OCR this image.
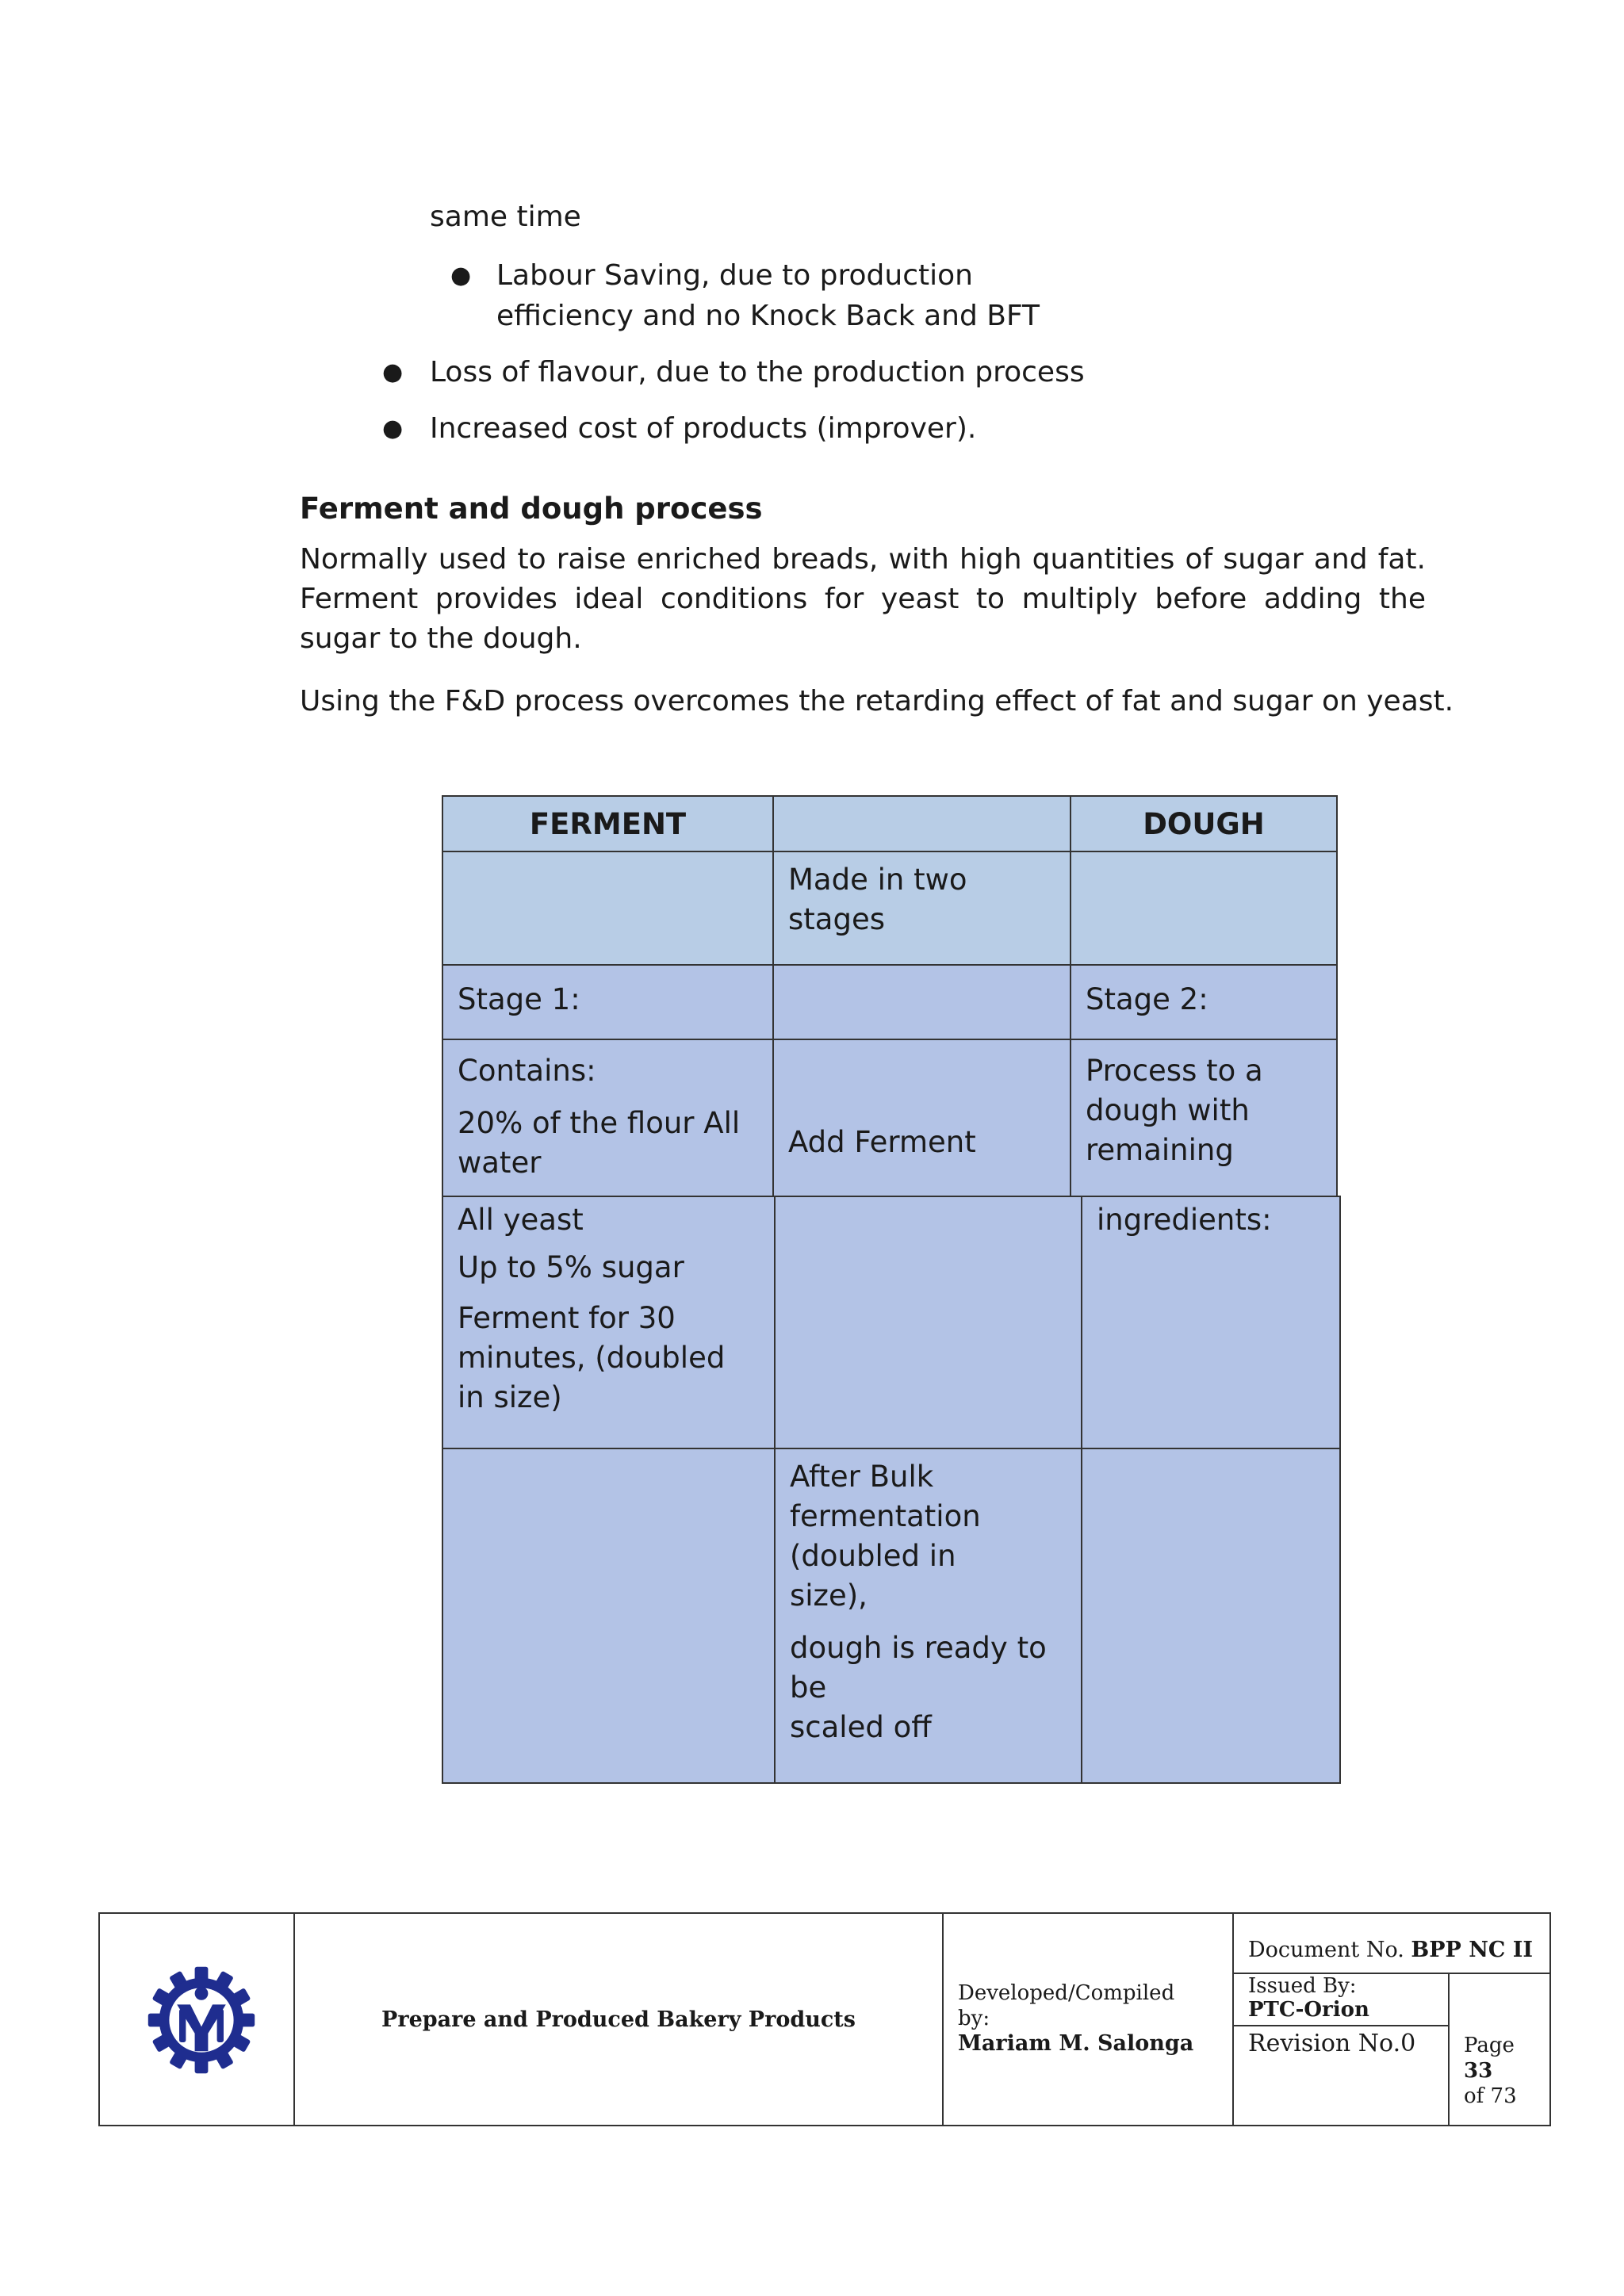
same time
● Labour Saving, due to production
efficiency and no Knock Back and BFT
● Loss of flavour, due to the production process
● Increased cost of products (improver).
Ferment and dough process
Normally used to raise enriched breads, with high quantities of sugar and fat. Ferment provides ideal conditions for yeast to multiply before adding the sugar to the dough.
Using the F&D process overcomes the retarding effect of fat and sugar on yeast.
FERMENT	DOUGH
Made in two
stages
Stage 1:	Stage 2:
Contains:
20% of the flour All
water
Add Ferment
Process to a
dough with
remaining
All yeast
Up to 5% sugar
Ferment for 30
minutes, (doubled
in size)
ingredients:
After Bulk
fermentation
(doubled in
size),
dough is ready to
be
scaled off
Prepare and Produced Bakery Products
Developed/Compiled
by:
Mariam M. Salonga
Document No. BPP NC II
Issued By:
PTC-Orion
Revision No.0 Page
33
of 73
